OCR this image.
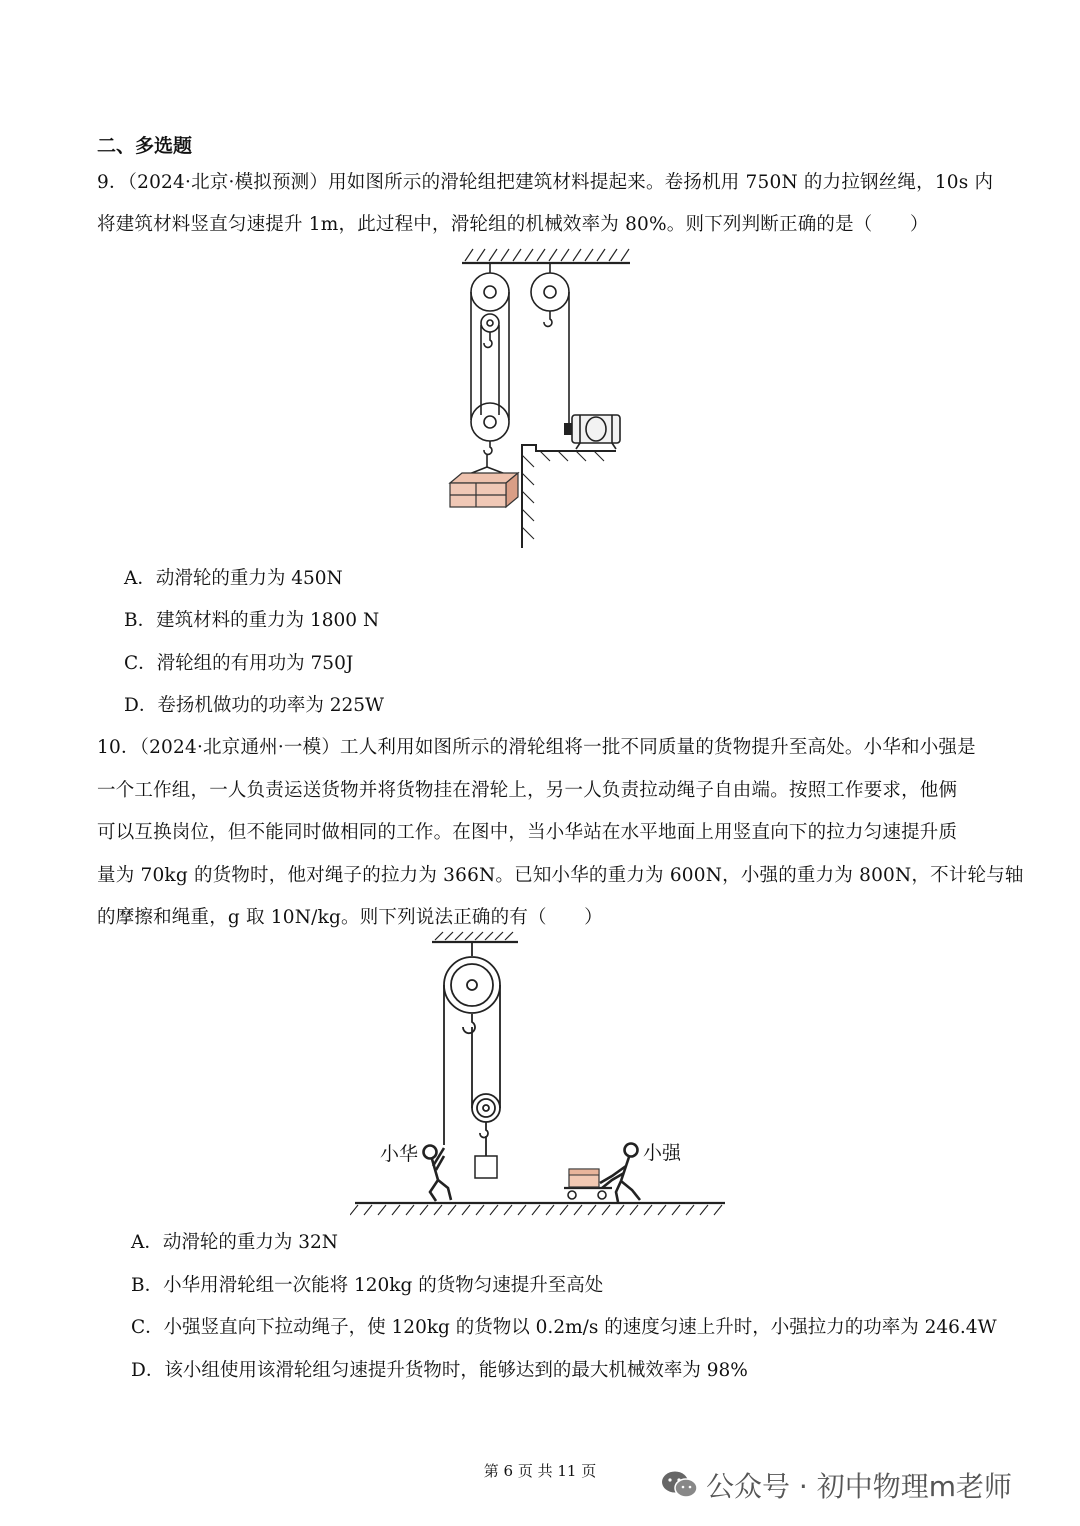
二、多选题
9．（2024·北京·模拟预测）用如图所示的滑轮组把建筑材料提起来。卷扬机用 750N 的力拉钢丝绳，10s 内
将建筑材料竖直匀速提升 1m，此过程中，滑轮组的机械效率为 80%。则下列判断正确的是（　　）
A．动滑轮的重力为 450N
B．建筑材料的重力为 1800 N
C．滑轮组的有用功为 750J
D．卷扬机做功的功率为 225W
10．（2024·北京通州·一模）工人利用如图所示的滑轮组将一批不同质量的货物提升至高处。小华和小强是
一个工作组，一人负责运送货物并将货物挂在滑轮上，另一人负责拉动绳子自由端。按照工作要求，他俩
可以互换岗位，但不能同时做相同的工作。在图中，当小华站在水平地面上用竖直向下的拉力匀速提升质
量为 70kg 的货物时，他对绳子的拉力为 366N。已知小华的重力为 600N，小强的重力为 800N，不计轮与轴
的摩擦和绳重，g 取 10N/kg。则下列说法正确的有（　　）
小华	小强
A．动滑轮的重力为 32N
B．小华用滑轮组一次能将 120kg 的货物匀速提升至高处
C．小强竖直向下拉动绳子，使 120kg 的货物以 0.2m/s 的速度匀速上升时，小强拉力的功率为 246.4W
D．该小组使用该滑轮组匀速提升货物时，能够达到的最大机械效率为 98%
第 6 页 共 11 页	公众号 · 初中物理m老师
